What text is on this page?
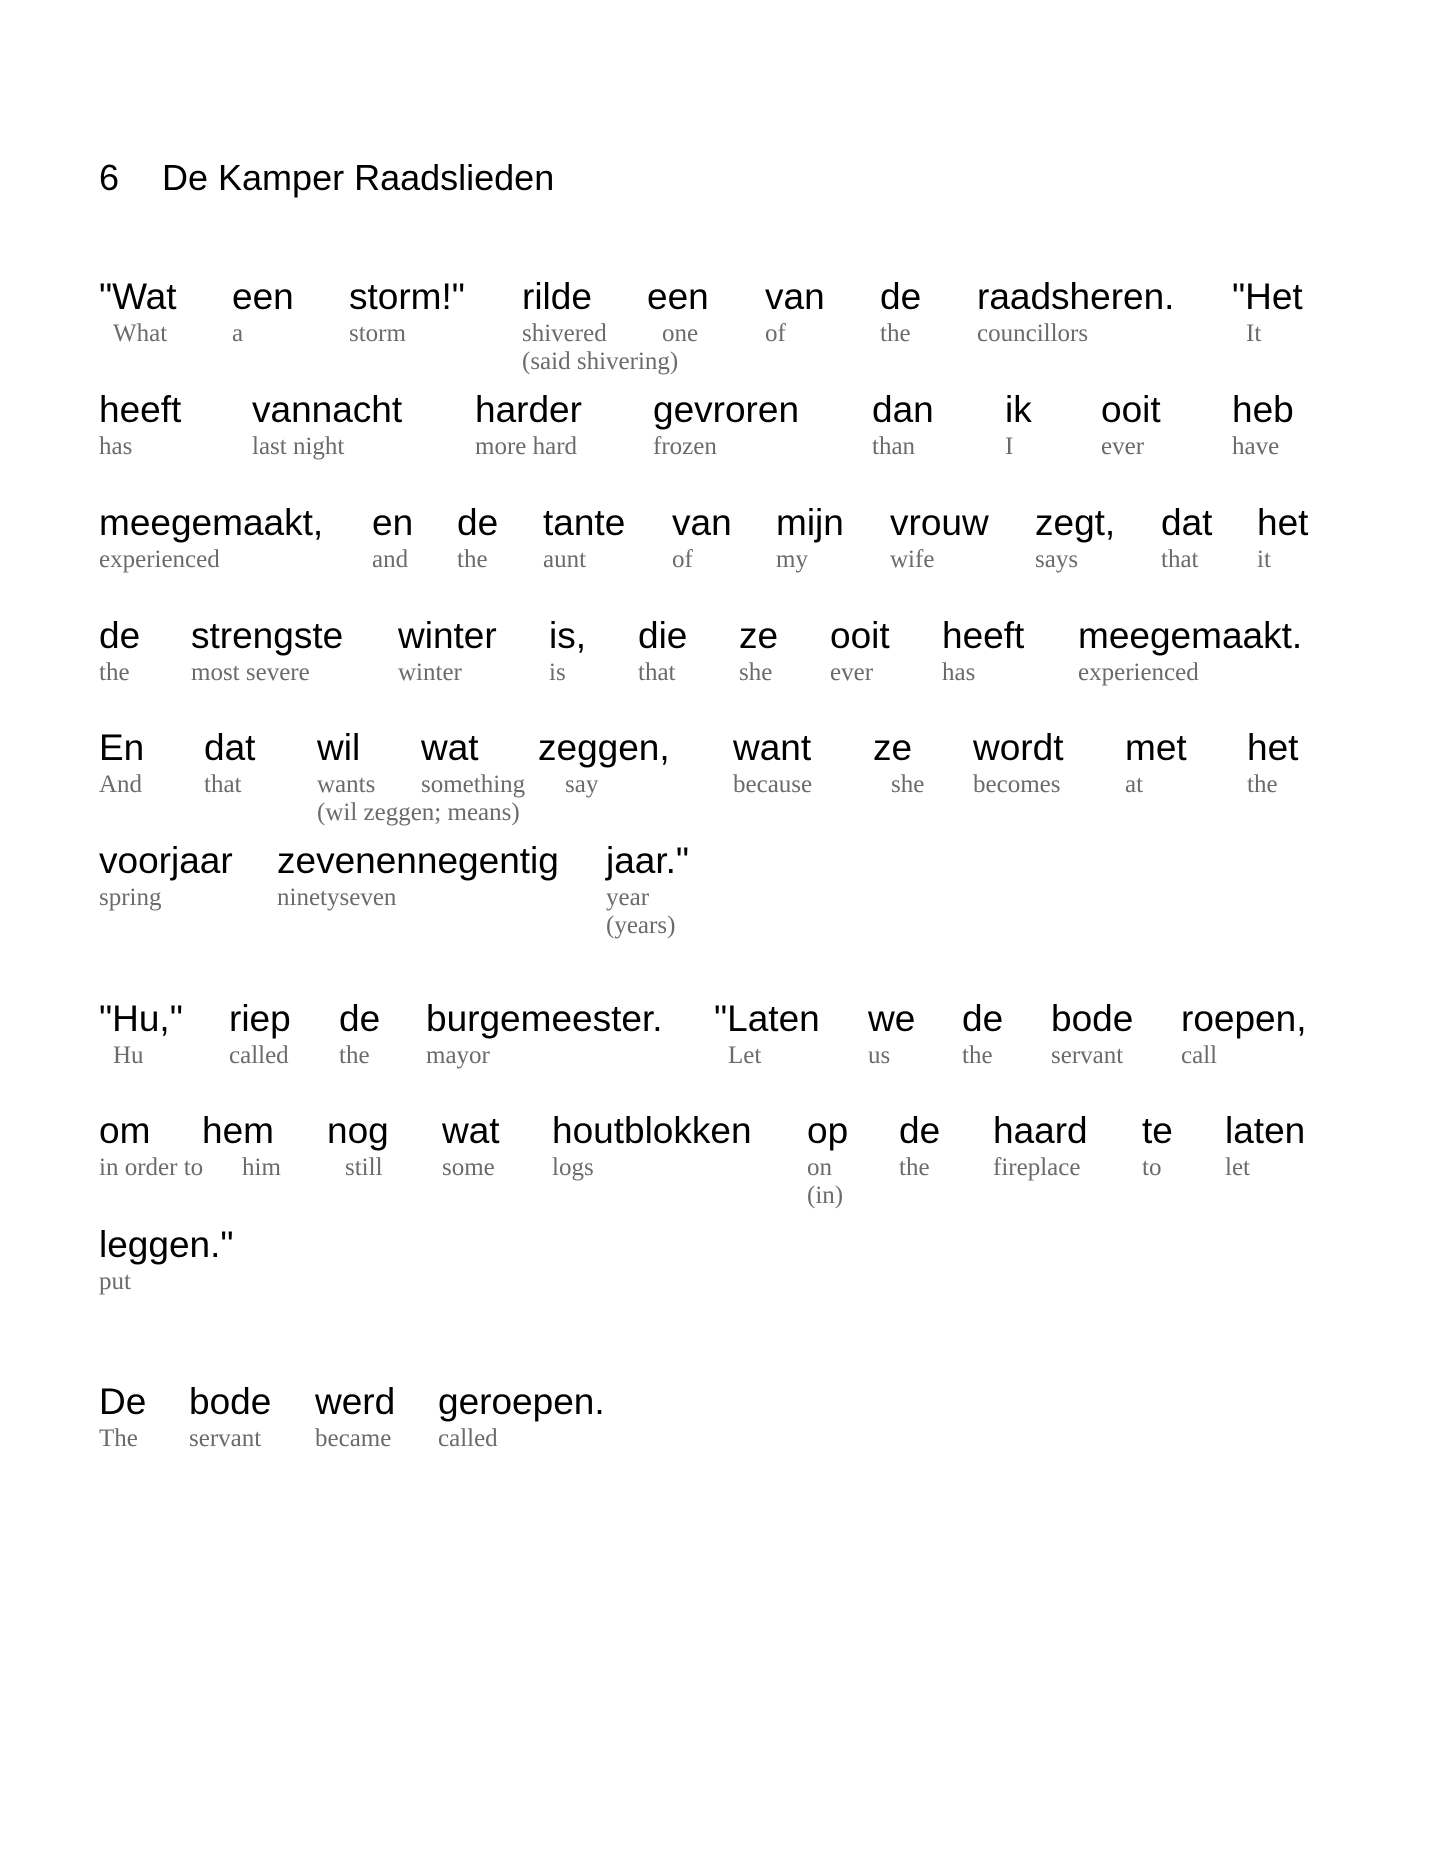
6 De Kamper Raadslieden
"Wat
What
een
a
storm!"
storm
rilde
shivered
(said shivering)
een
one
van
of
de
the
raadsheren.
councillors
"Het
It
heeft
has
vannacht
last night
harder
more hard
gevroren
frozen
dan
than
ik
I
ooit
ever
heb
have
meegemaakt,
experienced
en
and
de
the
tante
aunt
van
of
mijn
my
vrouw
wife
zegt,
says
dat
that
het
it
de
the
strengste
most severe
winter
winter
is,
is
die
that
ze
she
ooit
ever
heeft
has
meegemaakt.
experienced
En
And
dat
that
wil
wants
(wil zeggen; means)
wat
something
zeggen,
say
want
because
ze
she
wordt
becomes
met
at
het
the
voorjaar
spring
zevenennegentig
ninetyseven
jaar."
year
(years)
"Hu,"
Hu
riep
called
de
the
burgemeester.
mayor
"Laten
Let
we
us
de
the
bode
servant
roepen,
call
om
in order to
hem
him
nog
still
wat
some
houtblokken
logs
op
on
(in)
de
the
haard
fireplace
te
to
laten
let
leggen."
put
De
The
bode
servant
werd
became
geroepen.
called
